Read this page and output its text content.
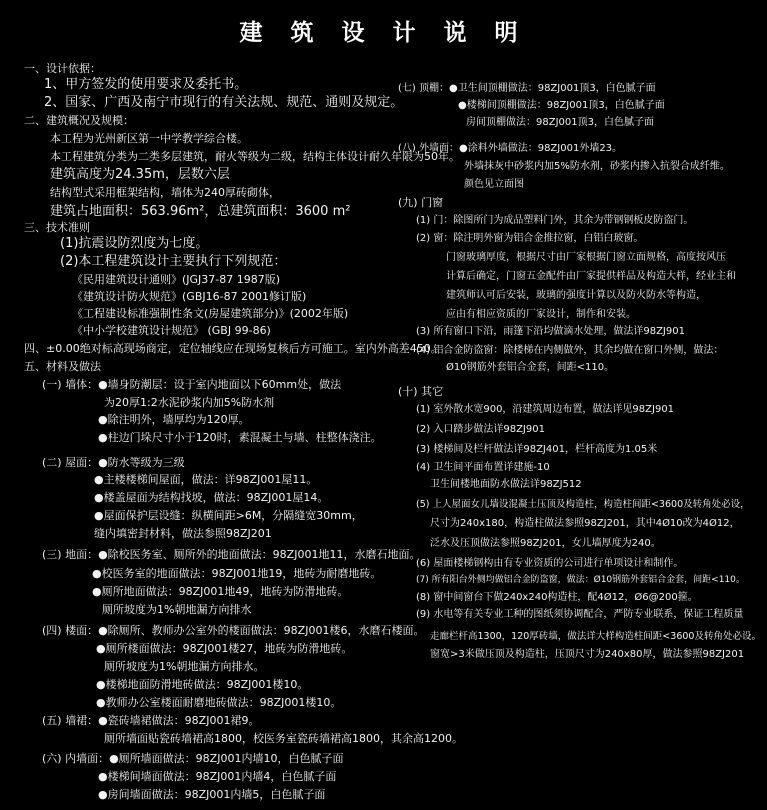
建 筑 设 计 说 明
一、设计依据：
1、甲方签发的使用要求及委托书。
2、国家、广西及南宁市现行的有关法规、规范、通则及规定。
二、建筑概况及规模：
本工程为光州新区第一中学教学综合楼。
本工程建筑分类为二类多层建筑，耐火等级为二级，结构主体设计耐久年限为50年。
建筑高度为24.35m，层数六层
结构型式采用框架结构，墙体为240厚砖砌体，
建筑占地面积：563.96m²，总建筑面积：3600 m²
三、技术准则
(1)抗震设防烈度为七度。
(2)本工程建筑设计主要执行下列规范：
《民用建筑设计通则》(JGJ37-87 1987版)
《建筑设计防火规范》(GBJ16-87 2001修订版)
《工程建设标准强制性条文(房屋建筑部分)》(2002年版)
《中小学校建筑设计规范》 (GBJ 99-86)
四、±0.00绝对标高现场商定，定位轴线应在现场复核后方可施工。室内外高差450。
五、材料及做法
(一) 墙体：●墙身防潮层：设于室内地面以下60mm处，做法
为20厚1:2水泥砂浆内加5%防水剂
●除注明外，墙厚均为120厚。
●柱边门垛尺寸小于120时，素混凝土与墙、柱整体浇注。
(二) 屋面：●防水等级为三级
●主楼楼梯间屋面，做法：详98ZJ001屋11。
●楼盖屋面为结构找坡，做法：98ZJ001屋14。
●屋面保护层设缝：纵横间距>6M，分隔缝宽30mm，
缝内填密封材料，做法参照98ZJ201
(三) 地面：●除校医务室、厕所外的地面做法：98ZJ001地11，水磨石地面。
●校医务室的地面做法：98ZJ001地19，地砖为耐磨地砖。
●厕所地面做法：98ZJ001地49，地砖为防滑地砖。
厕所坡度为1%朝地漏方向排水
(四) 楼面：●除厕所、教师办公室外的楼面做法：98ZJ001楼6，水磨石楼面。
●厕所楼面做法：98ZJ001楼27，地砖为防滑地砖。
厕所坡度为1%朝地漏方向排水。
●楼梯地面防滑地砖做法：98ZJ001楼10。
●教师办公室楼面耐磨地砖做法：98ZJ001楼10。
(五) 墙裙：●瓷砖墙裙做法：98ZJ001裙9。
厕所墙面贴瓷砖墙裙高1800，校医务室瓷砖墙裙高1800，其余高1200。
(六) 内墙面：●厕所墙面做法：98ZJ001内墙10，白色腻子面
●楼梯间墙面做法：98ZJ001内墙4，白色腻子面
●房间墙面做法：98ZJ001内墙5，白色腻子面
(七) 顶棚：●卫生间顶棚做法：98ZJ001顶3，白色腻子面
●楼梯间顶棚做法：98ZJ001顶3，白色腻子面
房间顶棚做法：98ZJ001顶3，白色腻子面
(八) 外墙面：●涂料外墙做法：98ZJ001外墙23。
外墙抹灰中砂浆内加5%防水剂，砂浆内掺入抗裂合成纤维。
颜色见立面图
(九) 门窗
(1) 门：除图所门为成品塑料门外，其余为带钢钢板皮防盗门。
(2) 窗：除注明外窗为铝合金推拉窗，白铝白玻窗。
门窗玻璃厚度，根据尺寸由厂家根据门窗立面规格，高度按风压
计算后确定，门窗五金配件由厂家提供样品及构造大样，经业主和
建筑师认可后安装，玻璃的强度计算以及防火防水等构造，
应由有相应资质的厂家设计，制作和安装。
(3) 所有窗口下沿，雨篷下沿均做滴水处理，做法详98ZJ901
(4) 铝合金防盗窗：除楼梯在内侧做外，其余均做在窗口外侧，做法：
Ø10钢筋外套铝合金套，间距<110。
(十) 其它
(1) 室外散水宽900，沿建筑周边布置，做法详见98ZJ901
(2) 入口踏步做法详98ZJ901
(3) 楼梯间及栏杆做法详98ZJ401，栏杆高度为1.05米
(4) 卫生间平面布置详建施-10
卫生间楼地面防水做法详98ZJ512
(5) 上人屋面女儿墙设混凝土压顶及构造柱，构造柱间距<3600及转角处必设，
尺寸为240x180，构造柱做法参照98ZJ201，其中4Ø10改为4Ø12，
泛水及压顶做法参照98ZJ201，女儿墙厚度为240。
(6) 屋面楼梯钢构由有专业资质的公司进行单项设计和制作。
(7) 所有阳台外侧均做铝合金防盗窗，做法：Ø10钢筋外套铝合金套，间距<110。
(8) 窗中间窗台下做240x240构造柱，配4Ø12，Ø6@200箍。
(9) 水电等有关专业工种的图纸须协调配合，严防专业联系，保证工程质量
走廊栏杆高1300，120厚砖墙，做法详大样构造柱间距<3600及转角处必设。
窗宽>3米做压顶及构造柱，压顶尺寸为240x80厚，做法参照98ZJ201
